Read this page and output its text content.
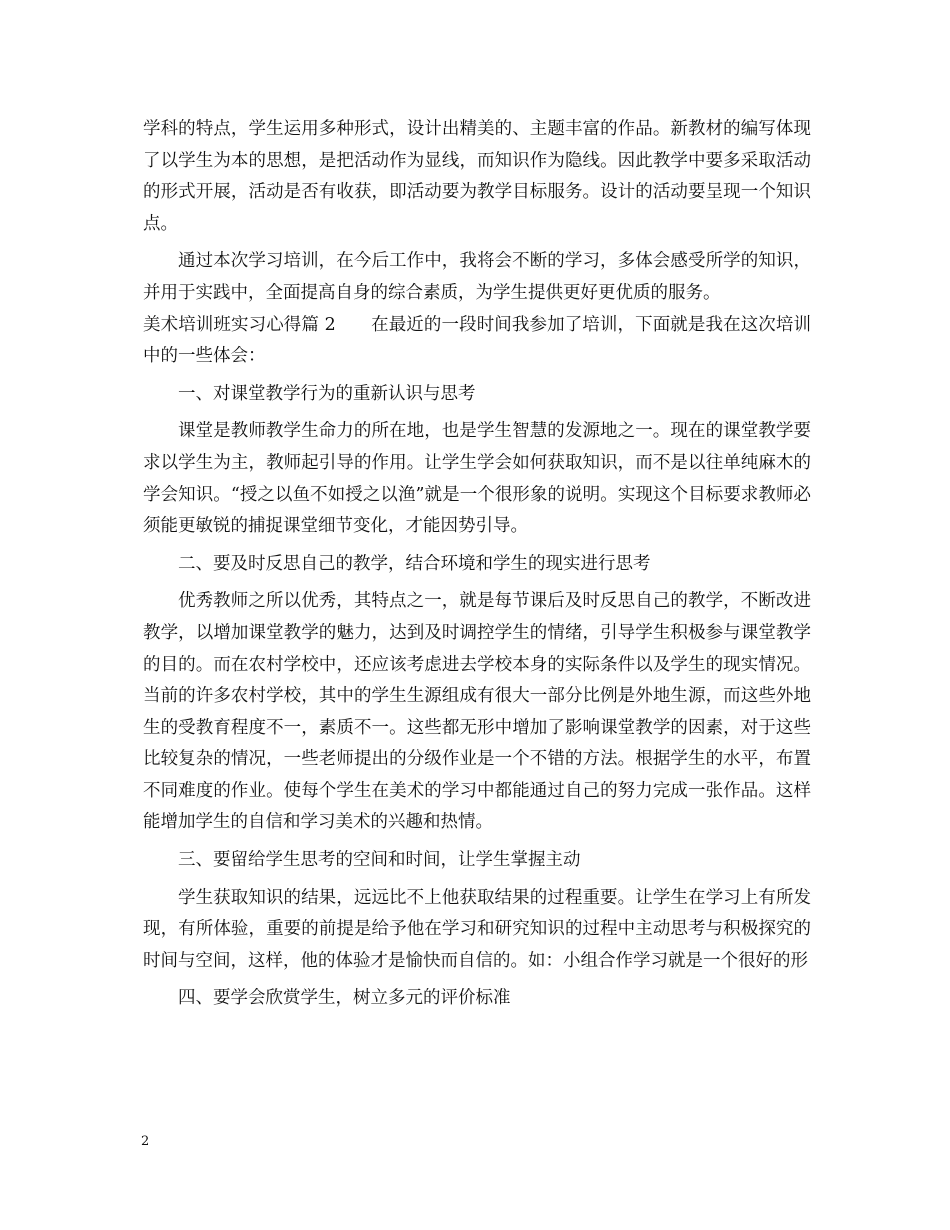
学科的特点，学生运用多种形式，设计出精美的、主题丰富的作品。新教材的编写体现了以学生为本的思想，是把活动作为显线，而知识作为隐线。因此教学中要多采取活动的形式开展，活动是否有收获，即活动要为教学目标服务。设计的活动要呈现一个知识点。

通过本次学习培训，在今后工作中，我将会不断的学习，多体会感受所学的知识，并用于实践中，全面提高自身的综合素质，为学生提供更好更优质的服务。

美术培训班实习心得篇 2　　在最近的一段时间我参加了培训，下面就是我在这次培训中的一些体会：

一、对课堂教学行为的重新认识与思考

课堂是教师教学生命力的所在地，也是学生智慧的发源地之一。现在的课堂教学要求以学生为主，教师起引导的作用。让学生学会如何获取知识，而不是以往单纯麻木的学会知识。“授之以鱼不如授之以渔”就是一个很形象的说明。实现这个目标要求教师必须能更敏锐的捕捉课堂细节变化，才能因势引导。

二、要及时反思自己的教学，结合环境和学生的现实进行思考

优秀教师之所以优秀，其特点之一，就是每节课后及时反思自己的教学，不断改进教学，以增加课堂教学的魅力，达到及时调控学生的情绪，引导学生积极参与课堂教学的目的。而在农村学校中，还应该考虑进去学校本身的实际条件以及学生的现实情况。当前的许多农村学校，其中的学生生源组成有很大一部分比例是外地生源，而这些外地生的受教育程度不一，素质不一。这些都无形中增加了影响课堂教学的因素，对于这些比较复杂的情况，一些老师提出的分级作业是一个不错的方法。根据学生的水平，布置不同难度的作业。使每个学生在美术的学习中都能通过自己的努力完成一张作品。这样能增加学生的自信和学习美术的兴趣和热情。

三、要留给学生思考的空间和时间，让学生掌握主动

学生获取知识的结果，远远比不上他获取结果的过程重要。让学生在学习上有所发现，有所体验，重要的前提是给予他在学习和研究知识的过程中主动思考与积极探究的时间与空间，这样，他的体验才是愉快而自信的。如：小组合作学习就是一个很好的形

四、要学会欣赏学生，树立多元的评价标准

2
